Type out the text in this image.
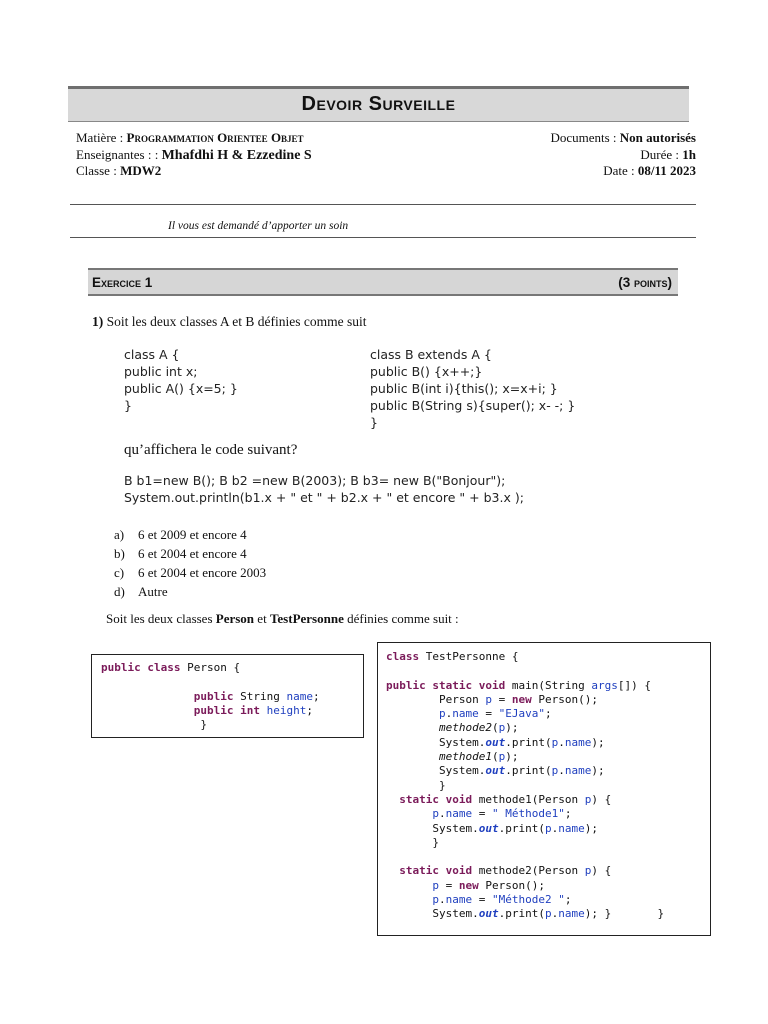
Devoir Surveille
Matière : Programmation Orientee Objet
Enseignantes : : Mhafdhi H & Ezzedine S
Classe : MDW2
Documents : Non autorisés
Durée : 1h
Date : 08/11 2023
Il vous est demandé d’apporter un soin
Exercice 1	(3 points)
1) Soit les deux classes A et B définies comme suit
class A {
public int x;
public A() {x=5; }
}
class B extends A {
public B() {x++;}
public B(int i){this(); x=x+i; }
public B(String s){super(); x- -; }
}
qu’affichera le code suivant?
B b1=new B(); B b2 =new B(2003); B b3= new B("Bonjour");
System.out.println(b1.x + " et " + b2.x + " et encore " + b3.x );
a) 6 et 2009 et encore 4
b) 6 et 2004 et encore 4
c) 6 et 2004 et encore 2003
d) Autre
Soit les deux classes Person et TestPersonne définies comme suit :
public class Person {

public String name;
public int height;
}
class TestPersonne {

public static void main(String args[]) {
Person p = new Person();
p.name = "EJava";
methode2(p);
System.out.print(p.name);
methode1(p);
System.out.print(p.name);
}
static void methode1(Person p) {
p.name = " Méthode1";
System.out.print(p.name);
}

static void methode2(Person p) {
p = new Person();
p.name = "Méthode2 ";
System.out.print(p.name); }       }
